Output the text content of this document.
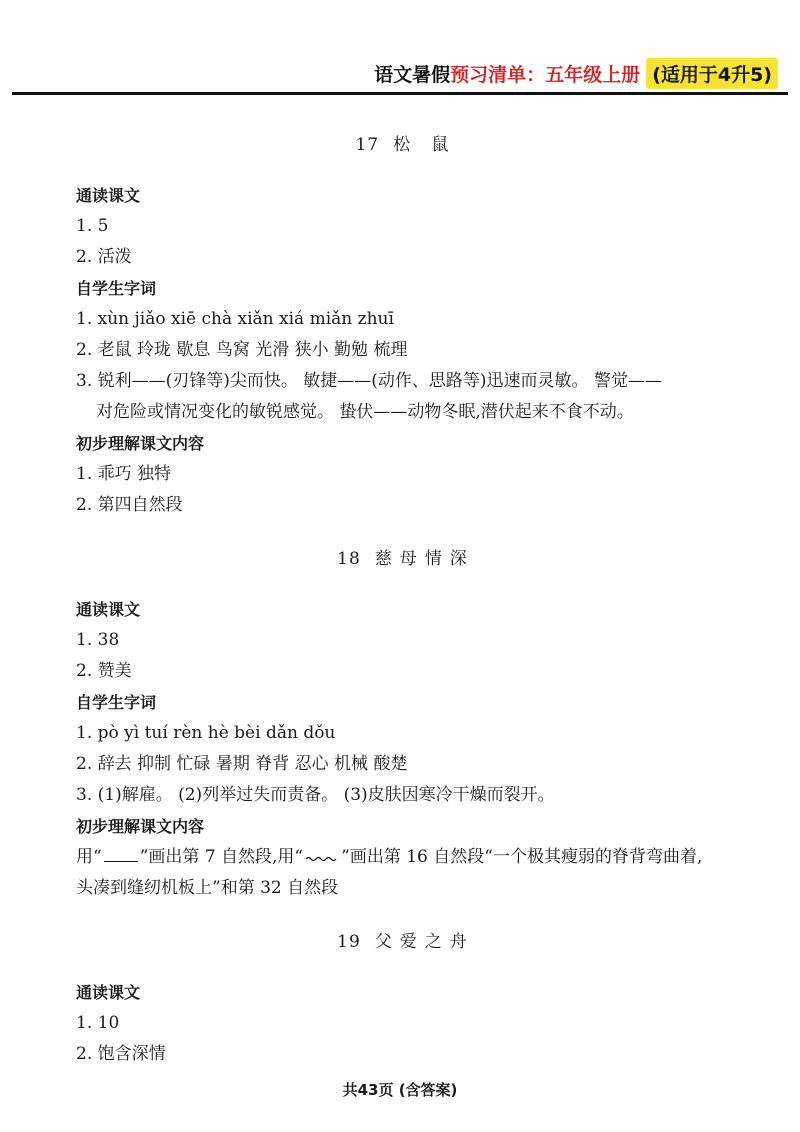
语文暑假 预习清单：五年级上册 (适用于4升5)
17 松 鼠
通读课文
1. 5
2. 活泼
自学生字词
1. xùn jiǎo xiē chà xiǎn xiá miǎn zhuī
2. 老鼠 玲珑 歇息 鸟窝 光滑 狭小 勤勉 梳理
3. 锐利——(刃锋等)尖而快。 敏捷——(动作、思路等)迅速而灵敏。 警觉——
对危险或情况变化的敏锐感觉。 蛰伏——动物冬眠,潜伏起来不食不动。
初步理解课文内容
1. 乖巧 独特
2. 第四自然段
18 慈母情深
通读课文
1. 38
2. 赞美
自学生字词
1. pò yì tuí rèn hè bèi dǎn dǒu
2. 辞去 抑制 忙碌 暑期 脊背 忍心 机械 酸楚
3. (1)解雇。 (2)列举过失而责备。 (3)皮肤因寒冷干燥而裂开。
初步理解课文内容
用“ ”画出第 7 自然段,用“ ”画出第 16 自然段“一个极其瘦弱的脊背弯曲着,
头凑到缝纫机板上”和第 32 自然段
19 父爱之舟
通读课文
1. 10
2. 饱含深情
共43页 (含答案)
